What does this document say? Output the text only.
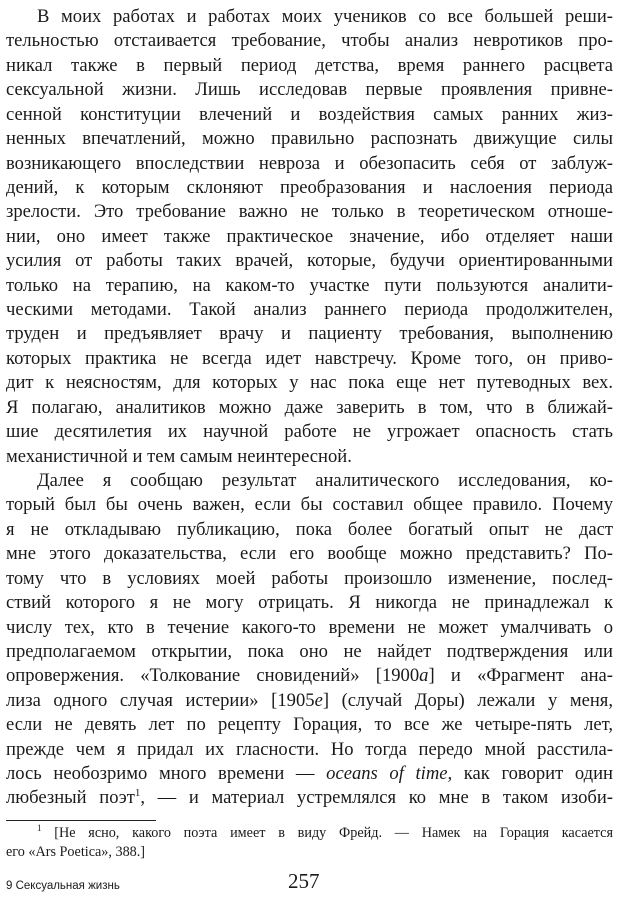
В моих работах и работах моих учеников со все большей реши-
тельностью отстаивается требование, чтобы анализ невротиков про-
никал также в первый период детства, время раннего расцвета
сексуальной жизни. Лишь исследовав первые проявления привне-
сенной конституции влечений и воздействия самых ранних жиз-
ненных впечатлений, можно правильно распознать движущие силы
возникающего впоследствии невроза и обезопасить себя от заблуж-
дений, к которым склоняют преобразования и наслоения периода
зрелости. Это требование важно не только в теоретическом отноше-
нии, оно имеет также практическое значение, ибо отделяет наши
усилия от работы таких врачей, которые, будучи ориентированными
только на терапию, на каком-то участке пути пользуются аналити-
ческими методами. Такой анализ раннего периода продолжителен,
труден и предъявляет врачу и пациенту требования, выполнению
которых практика не всегда идет навстречу. Кроме того, он приво-
дит к неясностям, для которых у нас пока еще нет путеводных вех.
Я полагаю, аналитиков можно даже заверить в том, что в ближай-
шие десятилетия их научной работе не угрожает опасность стать
механистичной и тем самым неинтересной.
Далее я сообщаю результат аналитического исследования, ко-
торый был бы очень важен, если бы составил общее правило. Почему
я не откладываю публикацию, пока более богатый опыт не даст
мне этого доказательства, если его вообще можно представить? По-
тому что в условиях моей работы произошло изменение, послед-
ствий которого я не могу отрицать. Я никогда не принадлежал к
числу тех, кто в течение какого-то времени не может умалчивать о
предполагаемом открытии, пока оно не найдет подтверждения или
опровержения. «Толкование сновидений» [1900a] и «Фрагмент ана-
лиза одного случая истерии» [1905e] (случай Доры) лежали у меня,
если не девять лет по рецепту Горация, то все же четыре-пять лет,
прежде чем я придал их гласности. Но тогда передо мной расстила-
лось необозримо много времени — oceans of time, как говорит один
любезный поэт$^1$, — и материал устремлялся ко мне в таком изоби-
$^1$ [Не ясно, какого поэта имеет в виду Фрейд. — Намек на Горация касается
его «Ars Poetica», 388.]
9 Сексуальная жизнь	257
